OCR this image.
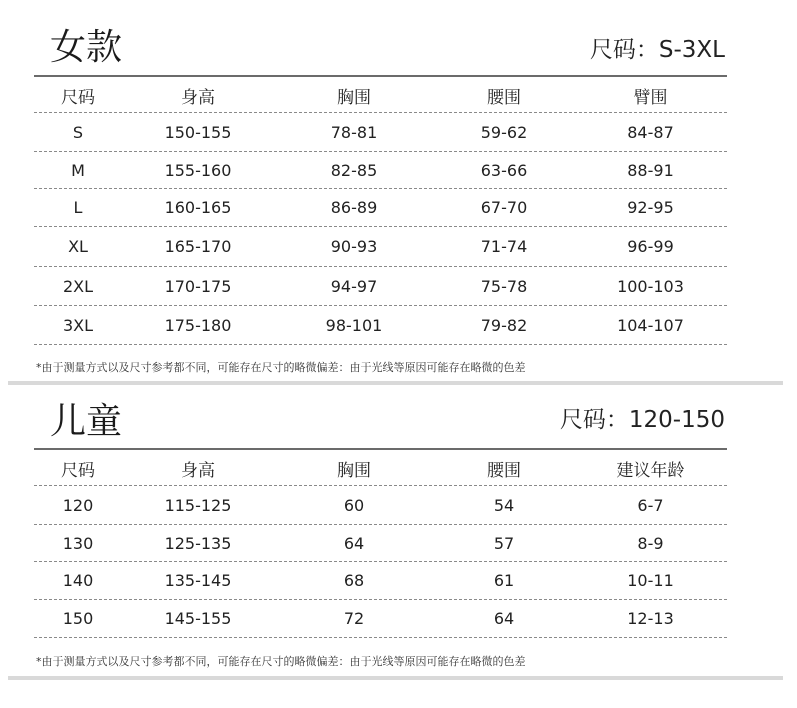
女款	尺码：S-3XL
尺码	身高	胸围	腰围	臂围
S	150-155	78-81	59-62	84-87
M	155-160	82-85	63-66	88-91
L	160-165	86-89	67-70	92-95
XL	165-170	90-93	71-74	96-99
2XL	170-175	94-97	75-78	100-103
3XL	175-180	98-101	79-82	104-107
*由于测量方式以及尺寸参考都不同，可能存在尺寸的略微偏差：由于光线等原因可能存在略微的色差
儿童	尺码：120-150
尺码	身高	胸围	腰围	建议年龄
120	115-125	60	54	6-7
130	125-135	64	57	8-9
140	135-145	68	61	10-11
150	145-155	72	64	12-13
*由于测量方式以及尺寸参考都不同，可能存在尺寸的略微偏差：由于光线等原因可能存在略微的色差
